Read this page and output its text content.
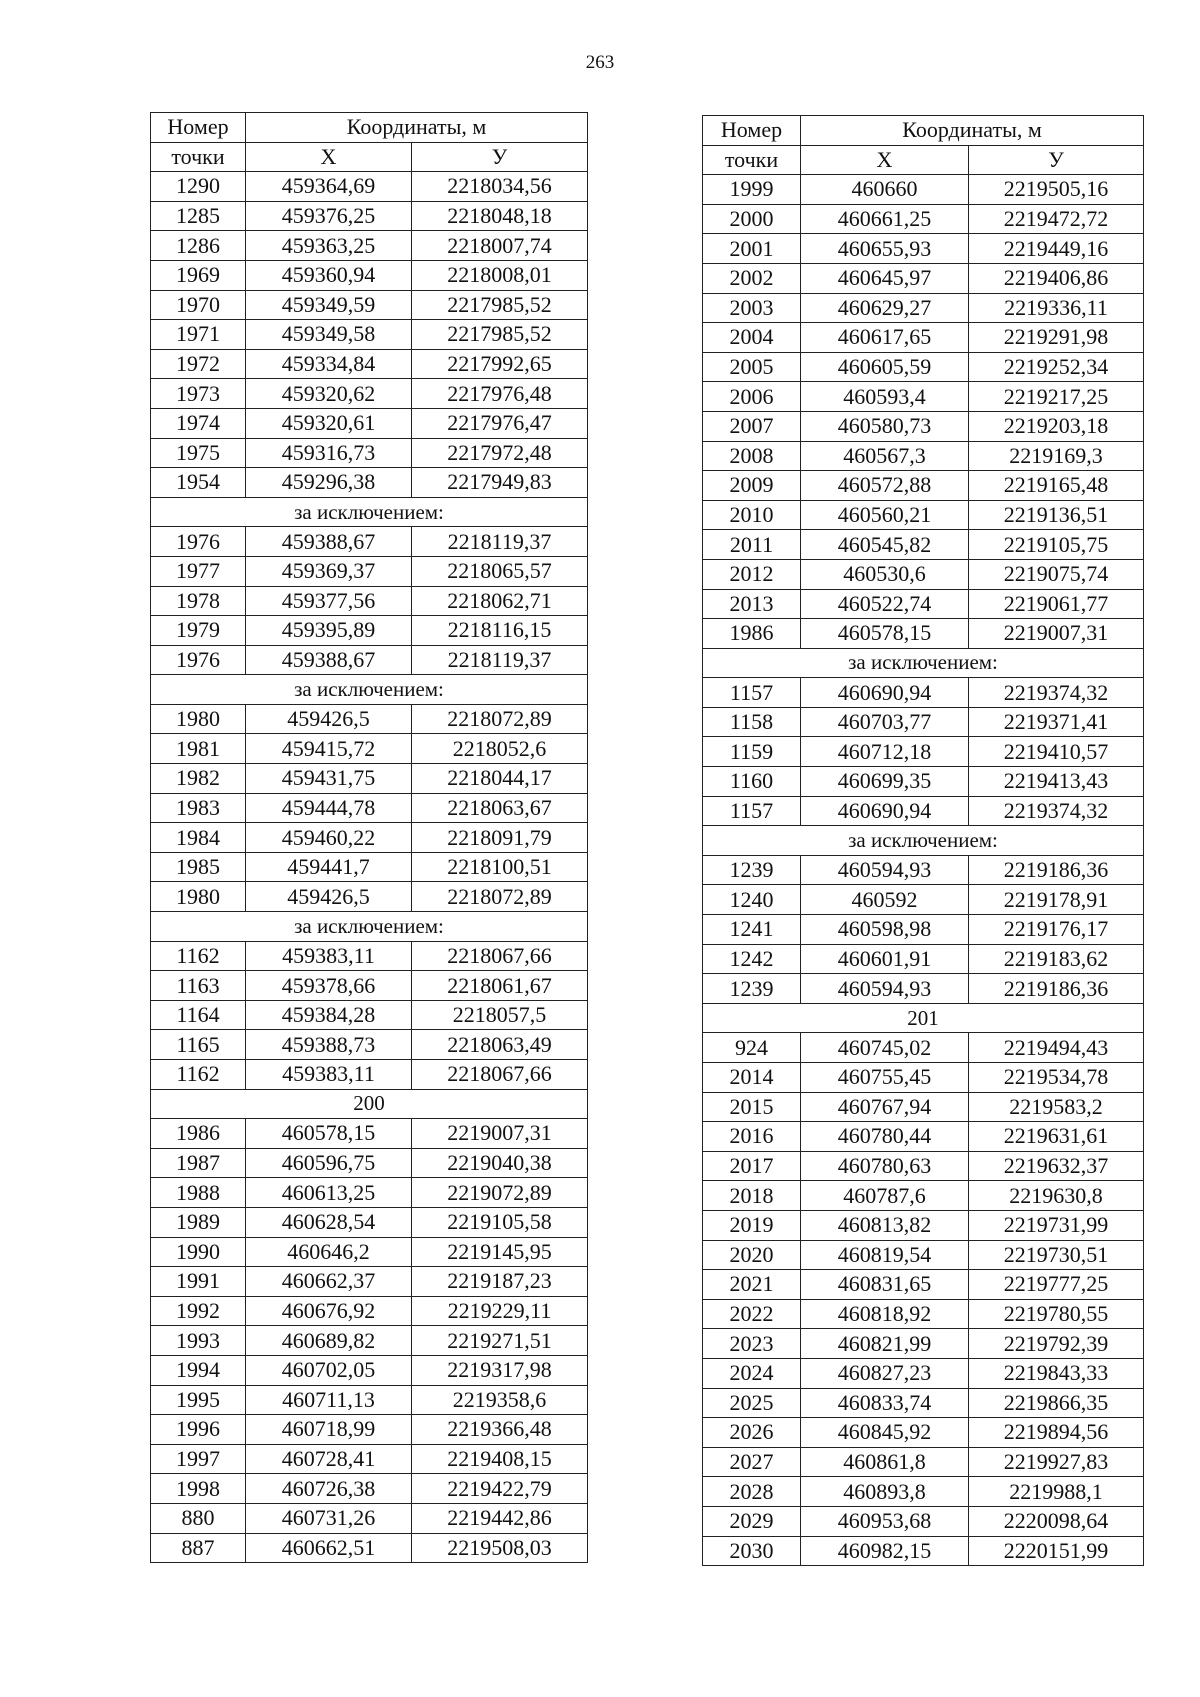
263
Номер	Координаты, м	
точки	Х	У
1290	459364,69	2218034,56
1285	459376,25	2218048,18
1286	459363,25	2218007,74
1969	459360,94	2218008,01
1970	459349,59	2217985,52
1971	459349,58	2217985,52
1972	459334,84	2217992,65
1973	459320,62	2217976,48
1974	459320,61	2217976,47
1975	459316,73	2217972,48
1954	459296,38	2217949,83
за исключением:		
1976	459388,67	2218119,37
1977	459369,37	2218065,57
1978	459377,56	2218062,71
1979	459395,89	2218116,15
1976	459388,67	2218119,37
за исключением:		
1980	459426,5	2218072,89
1981	459415,72	2218052,6
1982	459431,75	2218044,17
1983	459444,78	2218063,67
1984	459460,22	2218091,79
1985	459441,7	2218100,51
1980	459426,5	2218072,89
за исключением:		
1162	459383,11	2218067,66
1163	459378,66	2218061,67
1164	459384,28	2218057,5
1165	459388,73	2218063,49
1162	459383,11	2218067,66
200		
1986	460578,15	2219007,31
1987	460596,75	2219040,38
1988	460613,25	2219072,89
1989	460628,54	2219105,58
1990	460646,2	2219145,95
1991	460662,37	2219187,23
1992	460676,92	2219229,11
1993	460689,82	2219271,51
1994	460702,05	2219317,98
1995	460711,13	2219358,6
1996	460718,99	2219366,48
1997	460728,41	2219408,15
1998	460726,38	2219422,79
880	460731,26	2219442,86
887	460662,51	2219508,03
Номер	Координаты, м	
точки	Х	У
1999	460660	2219505,16
2000	460661,25	2219472,72
2001	460655,93	2219449,16
2002	460645,97	2219406,86
2003	460629,27	2219336,11
2004	460617,65	2219291,98
2005	460605,59	2219252,34
2006	460593,4	2219217,25
2007	460580,73	2219203,18
2008	460567,3	2219169,3
2009	460572,88	2219165,48
2010	460560,21	2219136,51
2011	460545,82	2219105,75
2012	460530,6	2219075,74
2013	460522,74	2219061,77
1986	460578,15	2219007,31
за исключением:		
1157	460690,94	2219374,32
1158	460703,77	2219371,41
1159	460712,18	2219410,57
1160	460699,35	2219413,43
1157	460690,94	2219374,32
за исключением:		
1239	460594,93	2219186,36
1240	460592	2219178,91
1241	460598,98	2219176,17
1242	460601,91	2219183,62
1239	460594,93	2219186,36
201		
924	460745,02	2219494,43
2014	460755,45	2219534,78
2015	460767,94	2219583,2
2016	460780,44	2219631,61
2017	460780,63	2219632,37
2018	460787,6	2219630,8
2019	460813,82	2219731,99
2020	460819,54	2219730,51
2021	460831,65	2219777,25
2022	460818,92	2219780,55
2023	460821,99	2219792,39
2024	460827,23	2219843,33
2025	460833,74	2219866,35
2026	460845,92	2219894,56
2027	460861,8	2219927,83
2028	460893,8	2219988,1
2029	460953,68	2220098,64
2030	460982,15	2220151,99
